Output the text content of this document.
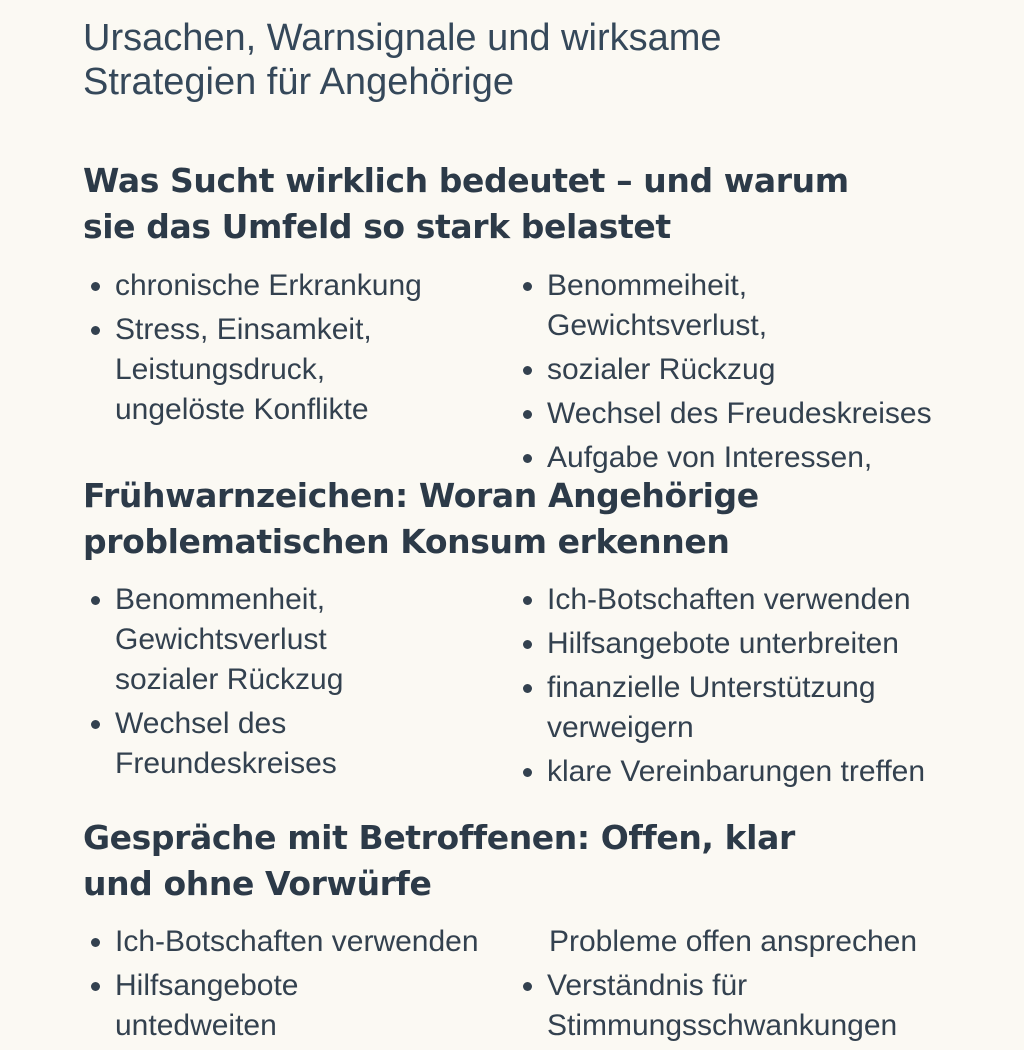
Ursachen, Warnsignale und wirksame
Strategien für Angehörige
Was Sucht wirklich bedeutet – und warum
sie das Umfeld so stark belastet
chronische Erkrankung
Stress, Einsamkeit,
Leistungsdruck,
ungelöste Konflikte
Benommeiheit,
Gewichtsverlust,
sozialer Rückzug
Wechsel des Freudeskreises
Aufgabe von Interessen,
Frühwarnzeichen: Woran Angehörige
problematischen Konsum erkennen
Benommenheit,
Gewichtsverlust
sozialer Rückzug
Wechsel des
Freundeskreises
Ich-Botschaften verwenden
Hilfsangebote unterbreiten
finanzielle Unterstützung
verweigern
klare Vereinbarungen treffen
Gespräche mit Betroffenen: Offen, klar
und ohne Vorwürfe
Ich-Botschaften verwenden
Hilfsangebote
untedweiten
Probleme offen ansprechen
Verständnis für
Stimmungsschwankungen
